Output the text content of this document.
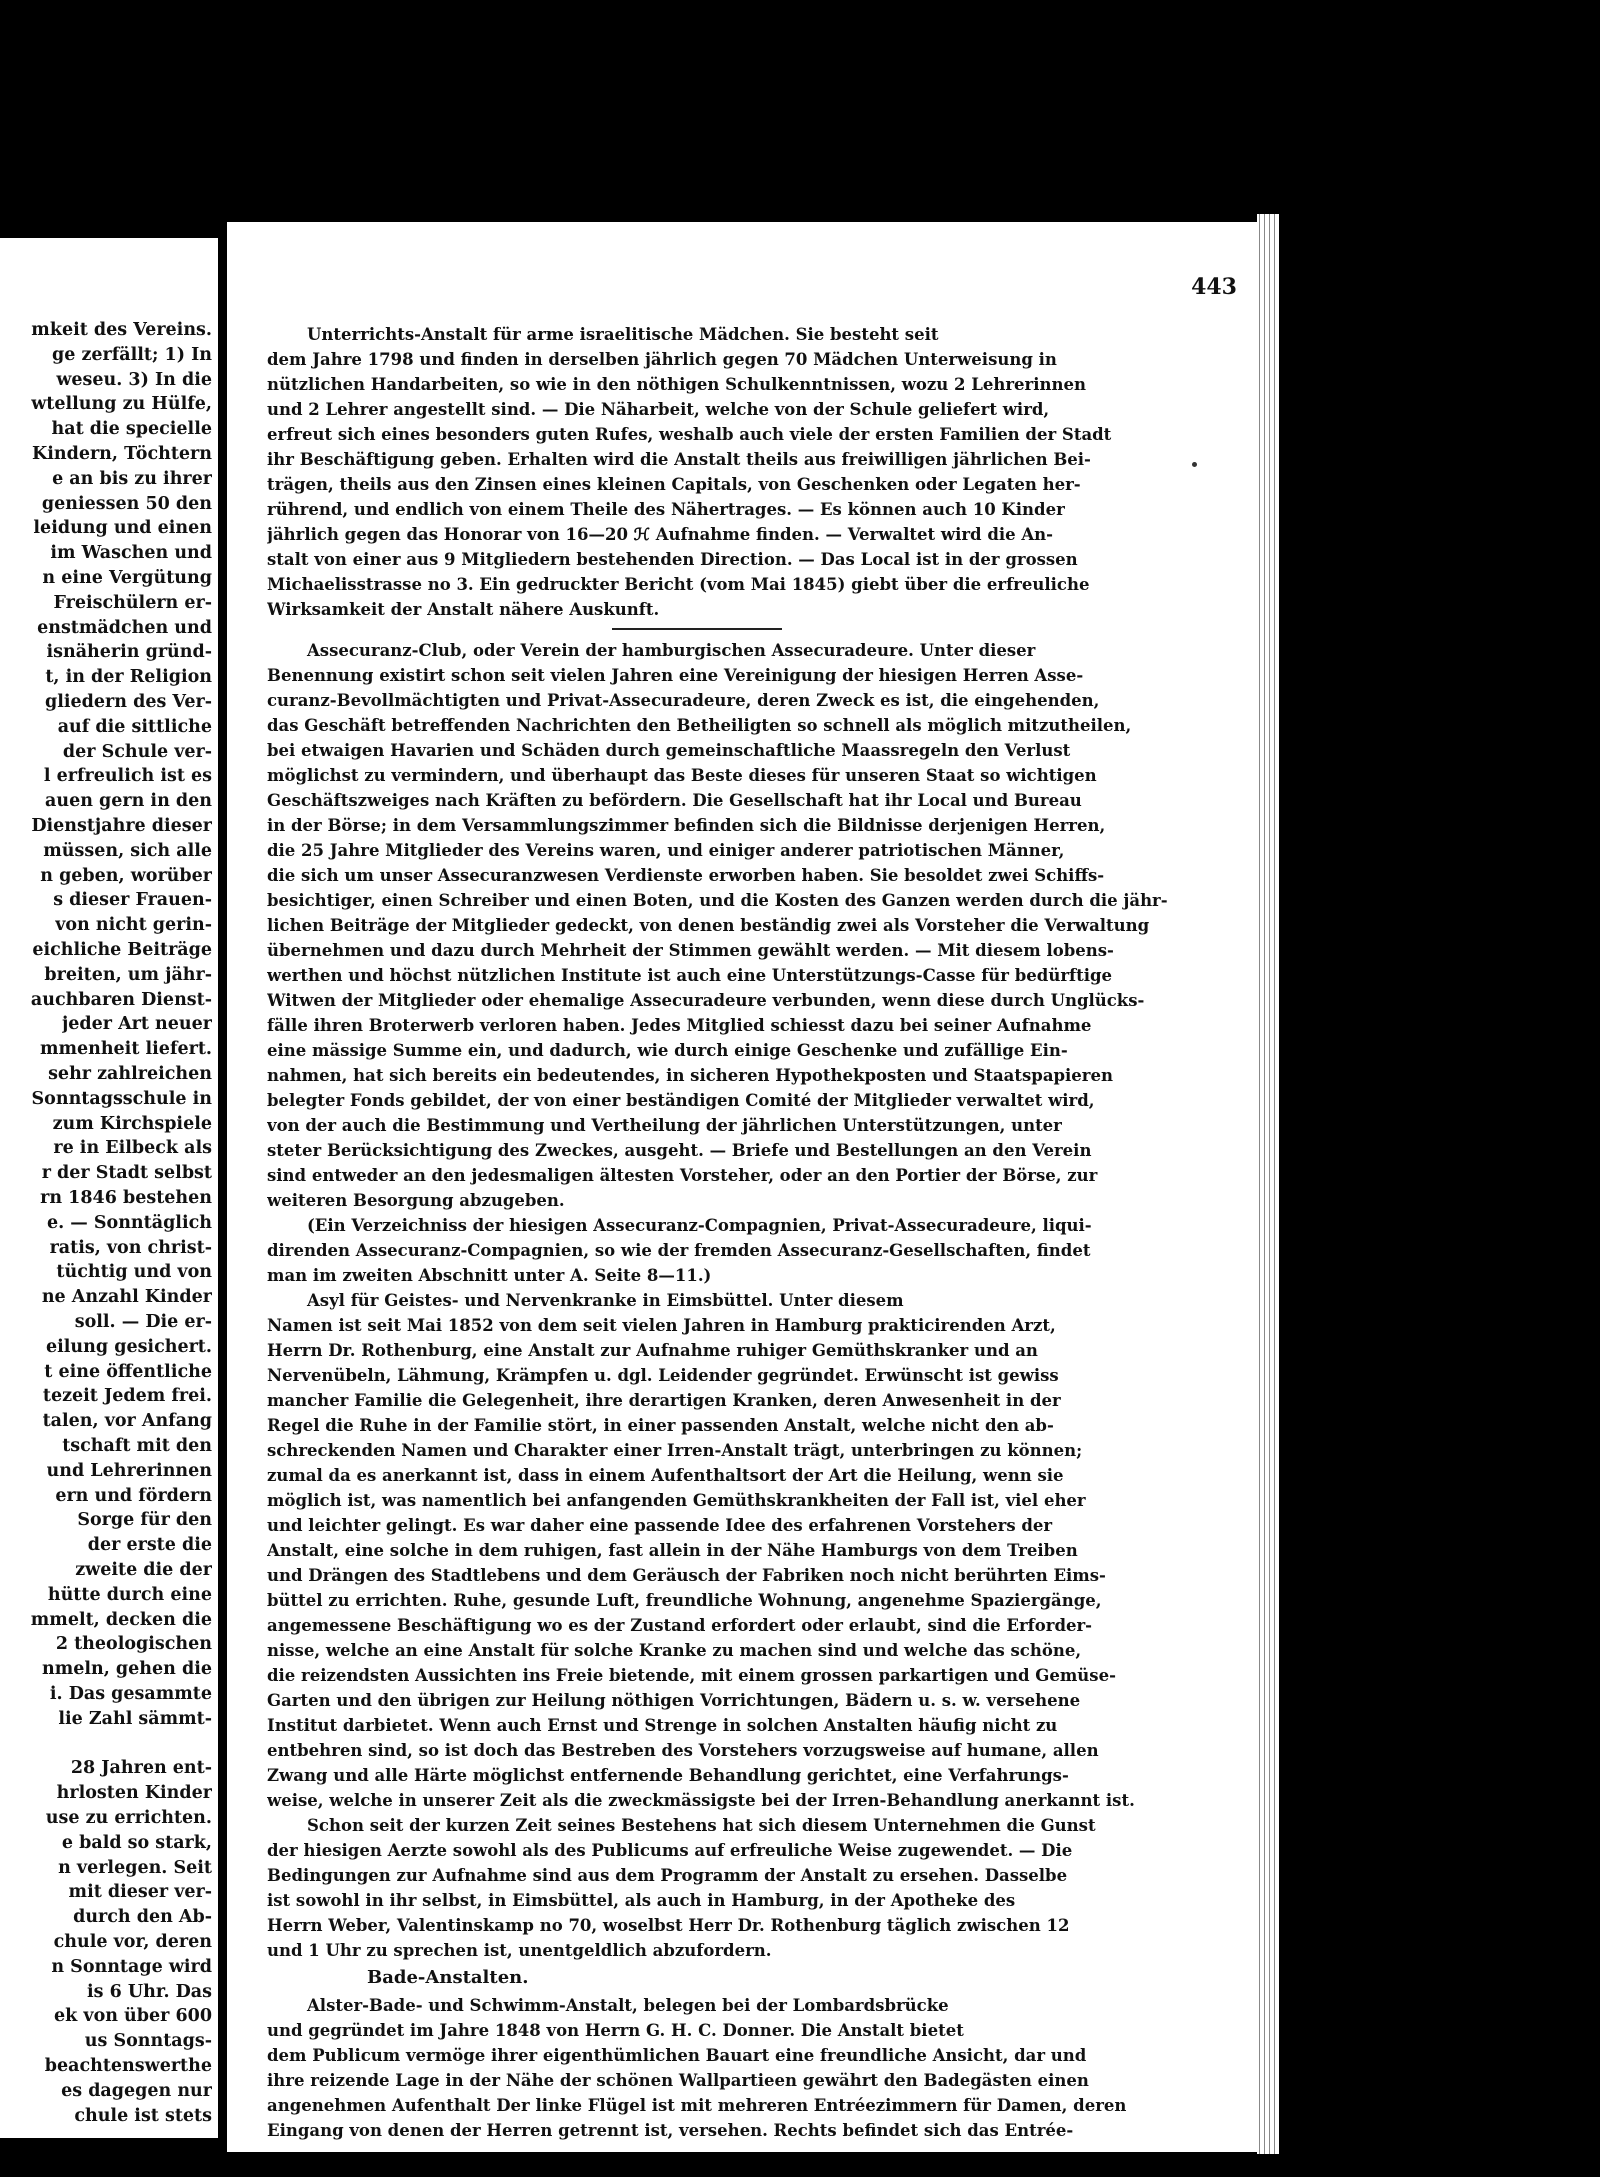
mkeit des Vereins.
ge zerfällt; 1) In
weseu. 3) In die
wtellung zu Hülfe,
hat die specielle
Kindern, Töchtern
e an bis zu ihrer
geniessen 50 den
leidung und einen
im Waschen und
n eine Vergütung
Freischülern er-
enstmädchen und
isnäherin gründ-
t, in der Religion
gliedern des Ver-
auf die sittliche
der Schule ver-
l erfreulich ist es
auen gern in den
Dienstjahre dieser
müssen, sich alle
n geben, worüber
s dieser Frauen-
von nicht gerin-
eichliche Beiträge
breiten, um jähr-
auchbaren Dienst-
jeder Art neuer
mmenheit liefert.
sehr zahlreichen
Sonntagsschule in
zum Kirchspiele
re in Eilbeck als
r der Stadt selbst
rn 1846 bestehen
e. — Sonntäglich
ratis, von christ-
tüchtig und von
ne Anzahl Kinder
soll. — Die er-
eilung gesichert.
t eine öffentliche
tezeit Jedem frei.
talen, vor Anfang
tschaft mit den
und Lehrerinnen
ern und fördern
Sorge für den
der erste die
zweite die der
hütte durch eine
mmelt, decken die
2 theologischen
nmeln, gehen die
i. Das gesammte
lie Zahl sämmt-
28 Jahren ent-
hrlosten Kinder
use zu errichten.
e bald so stark,
n verlegen. Seit
mit dieser ver-
durch den Ab-
chule vor, deren
n Sonntage wird
is 6 Uhr. Das
ek von über 600
us Sonntags-
beachtenswerthe
es dagegen nur
chule ist stets
443
Unterrichts-Anstalt für arme israelitische Mädchen. Sie besteht seit
dem Jahre 1798 und finden in derselben jährlich gegen 70 Mädchen Unterweisung in
nützlichen Handarbeiten, so wie in den nöthigen Schulkenntnissen, wozu 2 Lehrerinnen
und 2 Lehrer angestellt sind. — Die Näharbeit, welche von der Schule geliefert wird,
erfreut sich eines besonders guten Rufes, weshalb auch viele der ersten Familien der Stadt
ihr Beschäftigung geben. Erhalten wird die Anstalt theils aus freiwilligen jährlichen Bei-
trägen, theils aus den Zinsen eines kleinen Capitals, von Geschenken oder Legaten her-
rührend, und endlich von einem Theile des Nähertrages. — Es können auch 10 Kinder
jährlich gegen das Honorar von 16—20 ℋ Aufnahme finden. — Verwaltet wird die An-
stalt von einer aus 9 Mitgliedern bestehenden Direction. — Das Local ist in der grossen
Michaelisstrasse no 3. Ein gedruckter Bericht (vom Mai 1845) giebt über die erfreuliche
Wirksamkeit der Anstalt nähere Auskunft.
Assecuranz-Club, oder Verein der hamburgischen Assecuradeure. Unter dieser
Benennung existirt schon seit vielen Jahren eine Vereinigung der hiesigen Herren Asse-
curanz-Bevollmächtigten und Privat-Assecuradeure, deren Zweck es ist, die eingehenden,
das Geschäft betreffenden Nachrichten den Betheiligten so schnell als möglich mitzutheilen,
bei etwaigen Havarien und Schäden durch gemeinschaftliche Maassregeln den Verlust
möglichst zu vermindern, und überhaupt das Beste dieses für unseren Staat so wichtigen
Geschäftszweiges nach Kräften zu befördern. Die Gesellschaft hat ihr Local und Bureau
in der Börse; in dem Versammlungszimmer befinden sich die Bildnisse derjenigen Herren,
die 25 Jahre Mitglieder des Vereins waren, und einiger anderer patriotischen Männer,
die sich um unser Assecuranzwesen Verdienste erworben haben. Sie besoldet zwei Schiffs-
besichtiger, einen Schreiber und einen Boten, und die Kosten des Ganzen werden durch die jähr-
lichen Beiträge der Mitglieder gedeckt, von denen beständig zwei als Vorsteher die Verwaltung
übernehmen und dazu durch Mehrheit der Stimmen gewählt werden. — Mit diesem lobens-
werthen und höchst nützlichen Institute ist auch eine Unterstützungs-Casse für bedürftige
Witwen der Mitglieder oder ehemalige Assecuradeure verbunden, wenn diese durch Unglücks-
fälle ihren Broterwerb verloren haben. Jedes Mitglied schiesst dazu bei seiner Aufnahme
eine mässige Summe ein, und dadurch, wie durch einige Geschenke und zufällige Ein-
nahmen, hat sich bereits ein bedeutendes, in sicheren Hypothekposten und Staatspapieren
belegter Fonds gebildet, der von einer beständigen Comité der Mitglieder verwaltet wird,
von der auch die Bestimmung und Vertheilung der jährlichen Unterstützungen, unter
steter Berücksichtigung des Zweckes, ausgeht. — Briefe und Bestellungen an den Verein
sind entweder an den jedesmaligen ältesten Vorsteher, oder an den Portier der Börse, zur
weiteren Besorgung abzugeben.
(Ein Verzeichniss der hiesigen Assecuranz-Compagnien, Privat-Assecuradeure, liqui-
direnden Assecuranz-Compagnien, so wie der fremden Assecuranz-Gesellschaften, findet
man im zweiten Abschnitt unter A. Seite 8—11.)
Asyl für Geistes- und Nervenkranke in Eimsbüttel. Unter diesem
Namen ist seit Mai 1852 von dem seit vielen Jahren in Hamburg prakticirenden Arzt,
Herrn Dr. Rothenburg, eine Anstalt zur Aufnahme ruhiger Gemüthskranker und an
Nervenübeln, Lähmung, Krämpfen u. dgl. Leidender gegründet. Erwünscht ist gewiss
mancher Familie die Gelegenheit, ihre derartigen Kranken, deren Anwesenheit in der
Regel die Ruhe in der Familie stört, in einer passenden Anstalt, welche nicht den ab-
schreckenden Namen und Charakter einer Irren-Anstalt trägt, unterbringen zu können;
zumal da es anerkannt ist, dass in einem Aufenthaltsort der Art die Heilung, wenn sie
möglich ist, was namentlich bei anfangenden Gemüthskrankheiten der Fall ist, viel eher
und leichter gelingt. Es war daher eine passende Idee des erfahrenen Vorstehers der
Anstalt, eine solche in dem ruhigen, fast allein in der Nähe Hamburgs von dem Treiben
und Drängen des Stadtlebens und dem Geräusch der Fabriken noch nicht berührten Eims-
büttel zu errichten. Ruhe, gesunde Luft, freundliche Wohnung, angenehme Spaziergänge,
angemessene Beschäftigung wo es der Zustand erfordert oder erlaubt, sind die Erforder-
nisse, welche an eine Anstalt für solche Kranke zu machen sind und welche das schöne,
die reizendsten Aussichten ins Freie bietende, mit einem grossen parkartigen und Gemüse-
Garten und den übrigen zur Heilung nöthigen Vorrichtungen, Bädern u. s. w. versehene
Institut darbietet. Wenn auch Ernst und Strenge in solchen Anstalten häufig nicht zu
entbehren sind, so ist doch das Bestreben des Vorstehers vorzugsweise auf humane, allen
Zwang und alle Härte möglichst entfernende Behandlung gerichtet, eine Verfahrungs-
weise, welche in unserer Zeit als die zweckmässigste bei der Irren-Behandlung anerkannt ist.
Schon seit der kurzen Zeit seines Bestehens hat sich diesem Unternehmen die Gunst
der hiesigen Aerzte sowohl als des Publicums auf erfreuliche Weise zugewendet. — Die
Bedingungen zur Aufnahme sind aus dem Programm der Anstalt zu ersehen. Dasselbe
ist sowohl in ihr selbst, in Eimsbüttel, als auch in Hamburg, in der Apotheke des
Herrn Weber, Valentinskamp no 70, woselbst Herr Dr. Rothenburg täglich zwischen 12
und 1 Uhr zu sprechen ist, unentgeldlich abzufordern.
Bade-Anstalten.
Alster-Bade- und Schwimm-Anstalt, belegen bei der Lombardsbrücke
und gegründet im Jahre 1848 von Herrn G. H. C. Donner. Die Anstalt bietet
dem Publicum vermöge ihrer eigenthümlichen Bauart eine freundliche Ansicht, dar und
ihre reizende Lage in der Nähe der schönen Wallpartieen gewährt den Badegästen einen
angenehmen Aufenthalt Der linke Flügel ist mit mehreren Entréezimmern für Damen, deren
Eingang von denen der Herren getrennt ist, versehen. Rechts befindet sich das Entrée-
